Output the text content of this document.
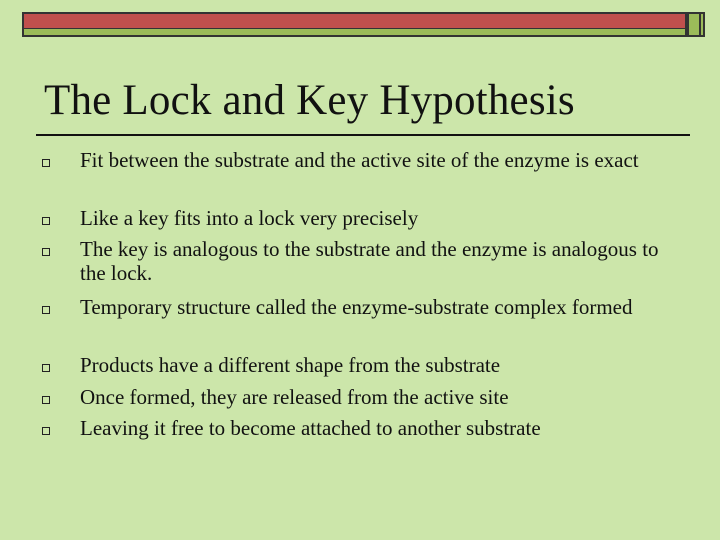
The Lock and Key Hypothesis
Fit between the substrate and the active site of the enzyme is exact
Like a key fits into a lock very precisely
The key is analogous to the substrate and the enzyme is analogous to the lock.
Temporary structure called the enzyme-substrate complex formed
Products have a different shape from the substrate
Once formed, they are released from the active site
Leaving it free to become attached to another substrate
